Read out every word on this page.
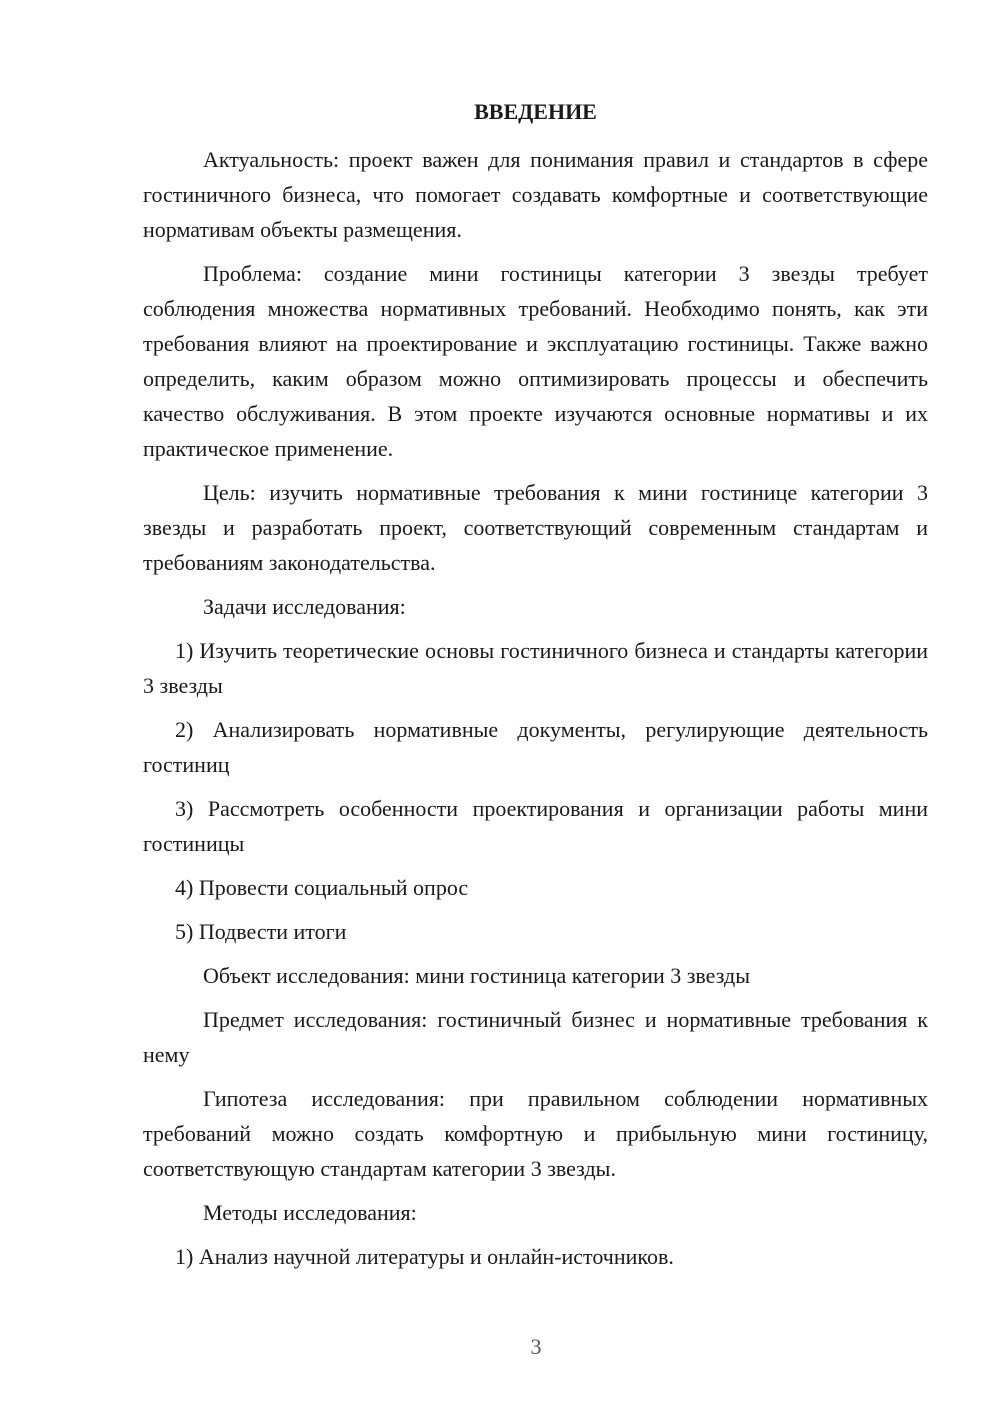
ВВЕДЕНИЕ

Актуальность: проект важен для понимания правил и стандартов в сфере гостиничного бизнеса, что помогает создавать комфортные и соответствующие нормативам объекты размещения.

Проблема: создание мини гостиницы категории 3 звезды требует соблюдения множества нормативных требований. Необходимо понять, как эти требования влияют на проектирование и эксплуатацию гостиницы. Также важно определить, каким образом можно оптимизировать процессы и обеспечить качество обслуживания. В этом проекте изучаются основные нормативы и их практическое применение.

Цель: изучить нормативные требования к мини гостинице категории 3 звезды и разработать проект, соответствующий современным стандартам и требованиям законодательства.

Задачи исследования:

1) Изучить теоретические основы гостиничного бизнеса и стандарты категории 3 звезды

2) Анализировать нормативные документы, регулирующие деятельность гостиниц

3) Рассмотреть особенности проектирования и организации работы мини гостиницы

4) Провести социальный опрос

5) Подвести итоги

Объект исследования: мини гостиница категории 3 звезды

Предмет исследования: гостиничный бизнес и нормативные требования к нему

Гипотеза исследования: при правильном соблюдении нормативных требований можно создать комфортную и прибыльную мини гостиницу, соответствующую стандартам категории 3 звезды.

Методы исследования:

1) Анализ научной литературы и онлайн-источников.

3
